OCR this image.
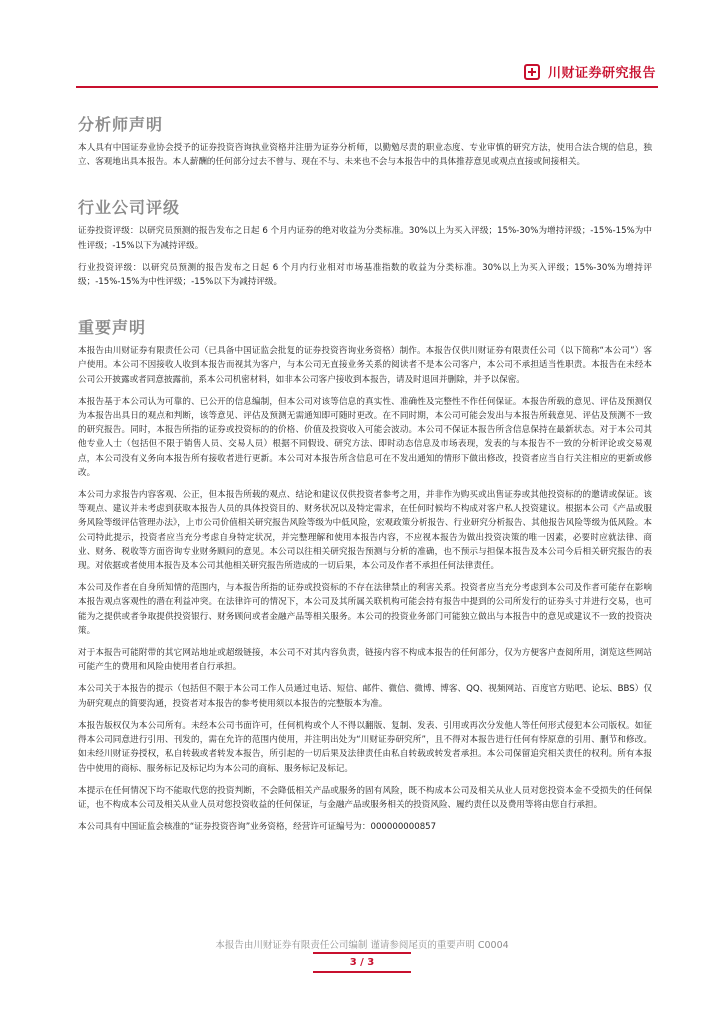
川财证券研究报告
分析师声明

本人具有中国证券业协会授予的证券投资咨询执业资格并注册为证券分析师，以勤勉尽责的职业态度、专业审慎的研究方法，使用合法合规的信息，独立、客观地出具本报告。本人薪酬的任何部分过去不曾与、现在不与、未来也不会与本报告中的具体推荐意见或观点直接或间接相关。

行业公司评级

证券投资评级：以研究员预测的报告发布之日起 6 个月内证券的绝对收益为分类标准。30%以上为买入评级；15%-30%为增持评级；-15%-15%为中性评级；-15%以下为减持评级。

行业投资评级：以研究员预测的报告发布之日起 6 个月内行业相对市场基准指数的收益为分类标准。30%以上为买入评级；15%-30%为增持评级；-15%-15%为中性评级；-15%以下为减持评级。

重要声明

本报告由川财证券有限责任公司（已具备中国证监会批复的证券投资咨询业务资格）制作。本报告仅供川财证券有限责任公司（以下简称“本公司”）客户使用。本公司不因接收人收到本报告而视其为客户，与本公司无直接业务关系的阅读者不是本公司客户，本公司不承担适当性职责。本报告在未经本公司公开披露或者同意披露前，系本公司机密材料，如非本公司客户接收到本报告，请及时退回并删除，并予以保密。

本报告基于本公司认为可靠的、已公开的信息编制，但本公司对该等信息的真实性、准确性及完整性不作任何保证。本报告所载的意见、评估及预测仅为本报告出具日的观点和判断，该等意见、评估及预测无需通知即可随时更改。在不同时期，本公司可能会发出与本报告所载意见、评估及预测不一致的研究报告。同时，本报告所指的证券或投资标的的价格、价值及投资收入可能会波动。本公司不保证本报告所含信息保持在最新状态。对于本公司其他专业人士（包括但不限于销售人员、交易人员）根据不同假设、研究方法、即时动态信息及市场表现，发表的与本报告不一致的分析评论或交易观点，本公司没有义务向本报告所有接收者进行更新。本公司对本报告所含信息可在不发出通知的情形下做出修改，投资者应当自行关注相应的更新或修改。

本公司力求报告内容客观、公正，但本报告所载的观点、结论和建议仅供投资者参考之用，并非作为购买或出售证券或其他投资标的的邀请或保证。该等观点、建议并未考虑到获取本报告人员的具体投资目的、财务状况以及特定需求，在任何时候均不构成对客户私人投资建议。根据本公司《产品或服务风险等级评估管理办法》，上市公司价值相关研究报告风险等级为中低风险，宏观政策分析报告、行业研究分析报告、其他报告风险等级为低风险。本公司特此提示，投资者应当充分考虑自身特定状况，并完整理解和使用本报告内容，不应视本报告为做出投资决策的唯一因素，必要时应就法律、商业、财务、税收等方面咨询专业财务顾问的意见。本公司以往相关研究报告预测与分析的准确，也不预示与担保本报告及本公司今后相关研究报告的表现。对依据或者使用本报告及本公司其他相关研究报告所造成的一切后果，本公司及作者不承担任何法律责任。

本公司及作者在自身所知情的范围内，与本报告所指的证券或投资标的不存在法律禁止的利害关系。投资者应当充分考虑到本公司及作者可能存在影响本报告观点客观性的潜在利益冲突。在法律许可的情况下，本公司及其所属关联机构可能会持有报告中提到的公司所发行的证券头寸并进行交易，也可能为之提供或者争取提供投资银行、财务顾问或者金融产品等相关服务。本公司的投资业务部门可能独立做出与本报告中的意见或建议不一致的投资决策。

对于本报告可能附带的其它网站地址或超级链接，本公司不对其内容负责，链接内容不构成本报告的任何部分，仅为方便客户查阅所用，浏览这些网站可能产生的费用和风险由使用者自行承担。

本公司关于本报告的提示（包括但不限于本公司工作人员通过电话、短信、邮件、微信、微博、博客、QQ、视频网站、百度官方贴吧、论坛、BBS）仅为研究观点的简要沟通，投资者对本报告的参考使用须以本报告的完整版本为准。

本报告版权仅为本公司所有。未经本公司书面许可，任何机构或个人不得以翻版、复制、发表、引用或再次分发他人等任何形式侵犯本公司版权。如征得本公司同意进行引用、刊发的，需在允许的范围内使用，并注明出处为“川财证券研究所”，且不得对本报告进行任何有悖原意的引用、删节和修改。如未经川财证券授权，私自转载或者转发本报告，所引起的一切后果及法律责任由私自转载或转发者承担。本公司保留追究相关责任的权利。所有本报告中使用的商标、服务标记及标记均为本公司的商标、服务标记及标记。

本提示在任何情况下均不能取代您的投资判断，不会降低相关产品或服务的固有风险，既不构成本公司及相关从业人员对您投资本金不受损失的任何保证，也不构成本公司及相关从业人员对您投资收益的任何保证，与金融产品或服务相关的投资风险、履约责任以及费用等将由您自行承担。

本公司具有中国证监会核准的“证券投资咨询”业务资格，经营许可证编号为：000000000857

本报告由川财证券有限责任公司编制 谨请参阅尾页的重要声明 C0004
3 / 3
